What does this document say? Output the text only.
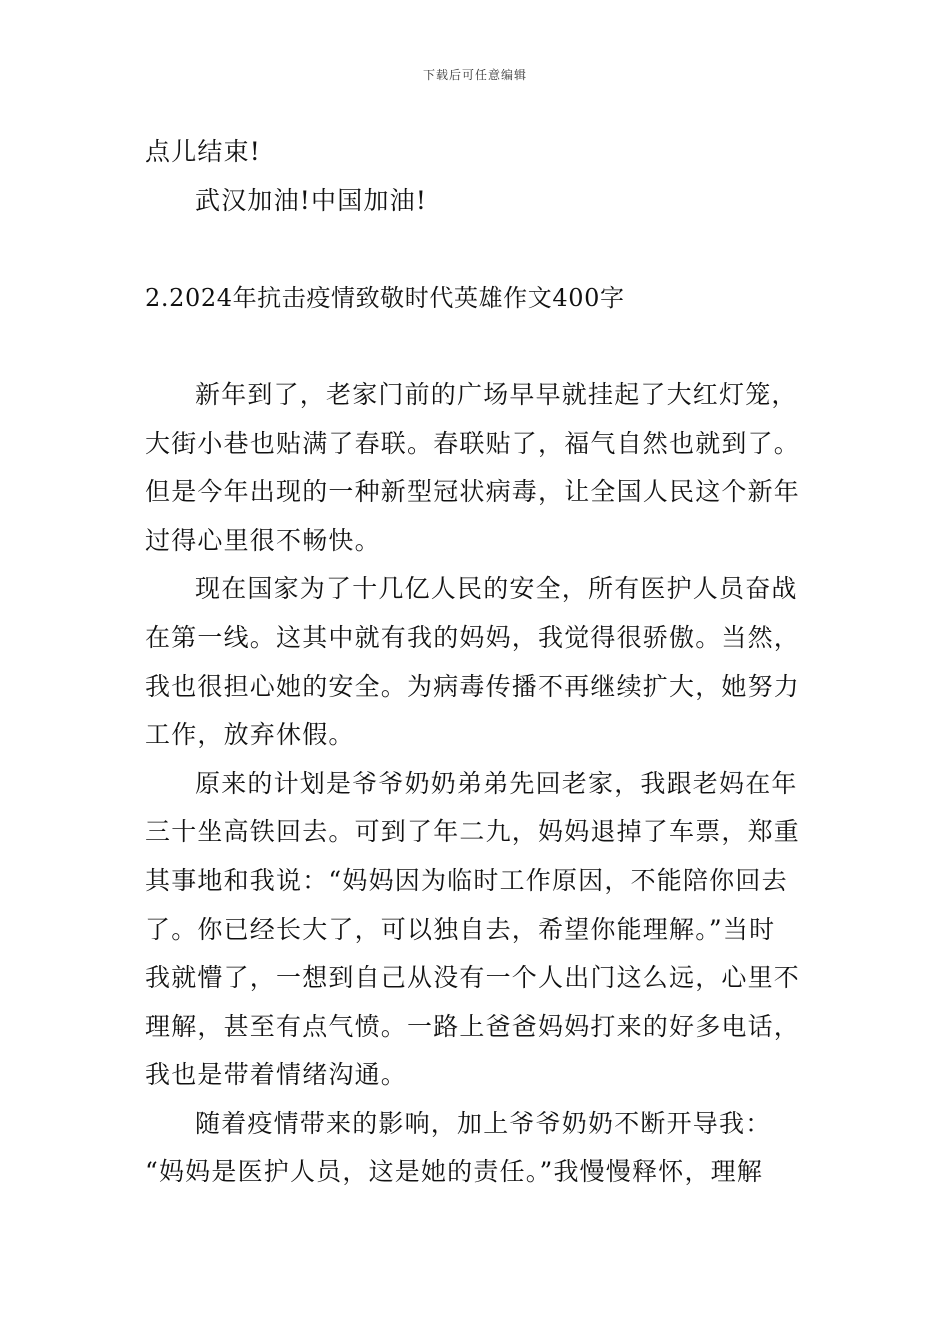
下载后可任意编辑
点儿结束!
武汉加油!中国加油!
2.2024年抗击疫情致敬时代英雄作文400字
新年到了，老家门前的广场早早就挂起了大红灯笼，
大街小巷也贴满了春联。春联贴了，福气自然也就到了。
但是今年出现的一种新型冠状病毒，让全国人民这个新年
过得心里很不畅快。
现在国家为了十几亿人民的安全，所有医护人员奋战
在第一线。这其中就有我的妈妈，我觉得很骄傲。当然，
我也很担心她的安全。为病毒传播不再继续扩大，她努力
工作，放弃休假。
原来的计划是爷爷奶奶弟弟先回老家，我跟老妈在年
三十坐高铁回去。可到了年二九，妈妈退掉了车票，郑重
其事地和我说：“妈妈因为临时工作原因，不能陪你回去
了。你已经长大了，可以独自去，希望你能理解。”当时
我就懵了，一想到自己从没有一个人出门这么远，心里不
理解，甚至有点气愤。一路上爸爸妈妈打来的好多电话，
我也是带着情绪沟通。
随着疫情带来的影响，加上爷爷奶奶不断开导我：
“妈妈是医护人员，这是她的责任。”我慢慢释怀，理解
